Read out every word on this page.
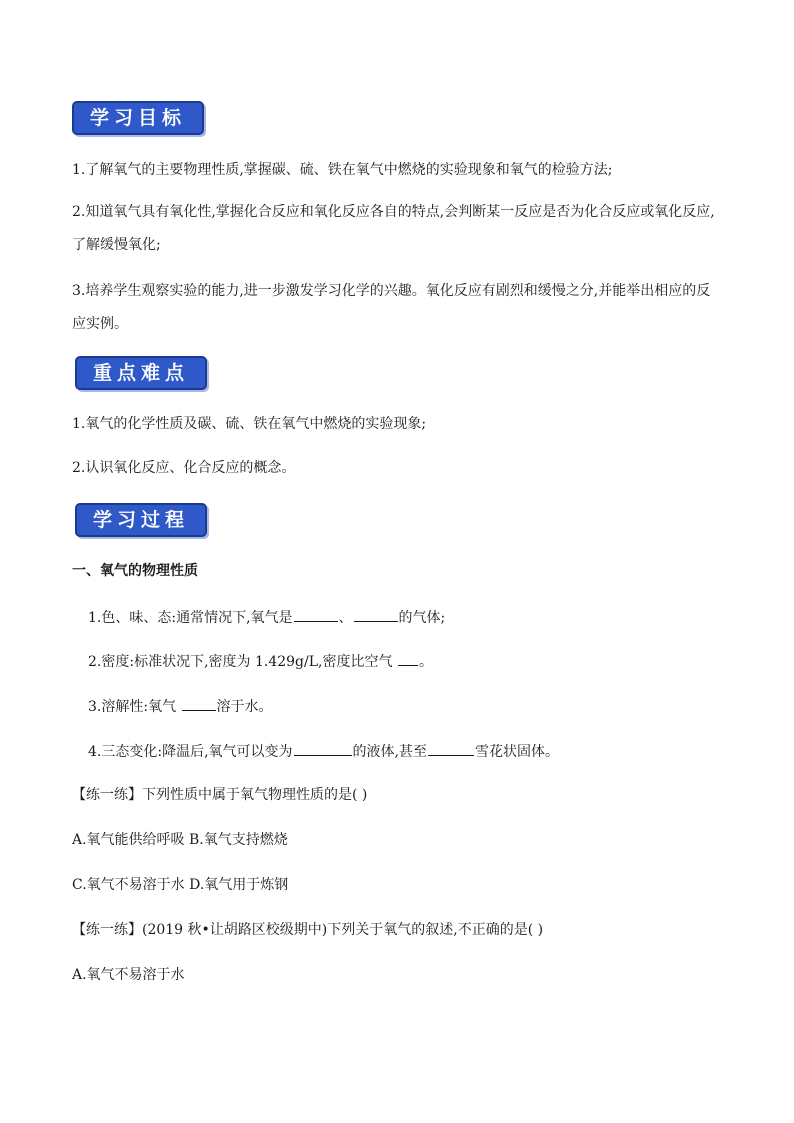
学习目标
1.了解氧气的主要物理性质,掌握碳、硫、铁在氧气中燃烧的实验现象和氧气的检验方法;
2.知道氧气具有氧化性,掌握化合反应和氧化反应各自的特点,会判断某一反应是否为化合反应或氧化反应,
了解缓慢氧化;
3.培养学生观察实验的能力,进一步激发学习化学的兴趣。氧化反应有剧烈和缓慢之分,并能举出相应的反
应实例。
重点难点
1.氧气的化学性质及碳、硫、铁在氧气中燃烧的实验现象;
2.认识氧化反应、化合反应的概念。
学习过程
一、氧气的物理性质
1.色、味、态:通常情况下,氧气是	、	的气体;
2.密度:标准状况下,密度为 1.429g/L,密度比空气 。
3.溶解性:氧气	溶于水。
4.三态变化:降温后,氧气可以变为	的液体,甚至	雪花状固体。
【练一练】下列性质中属于氧气物理性质的是( )
A.氧气能供给呼吸 B.氧气支持燃烧
C.氧气不易溶于水 D.氧气用于炼钢
【练一练】(2019 秋•让胡路区校级期中)下列关于氧气的叙述,不正确的是( )
A.氧气不易溶于水
